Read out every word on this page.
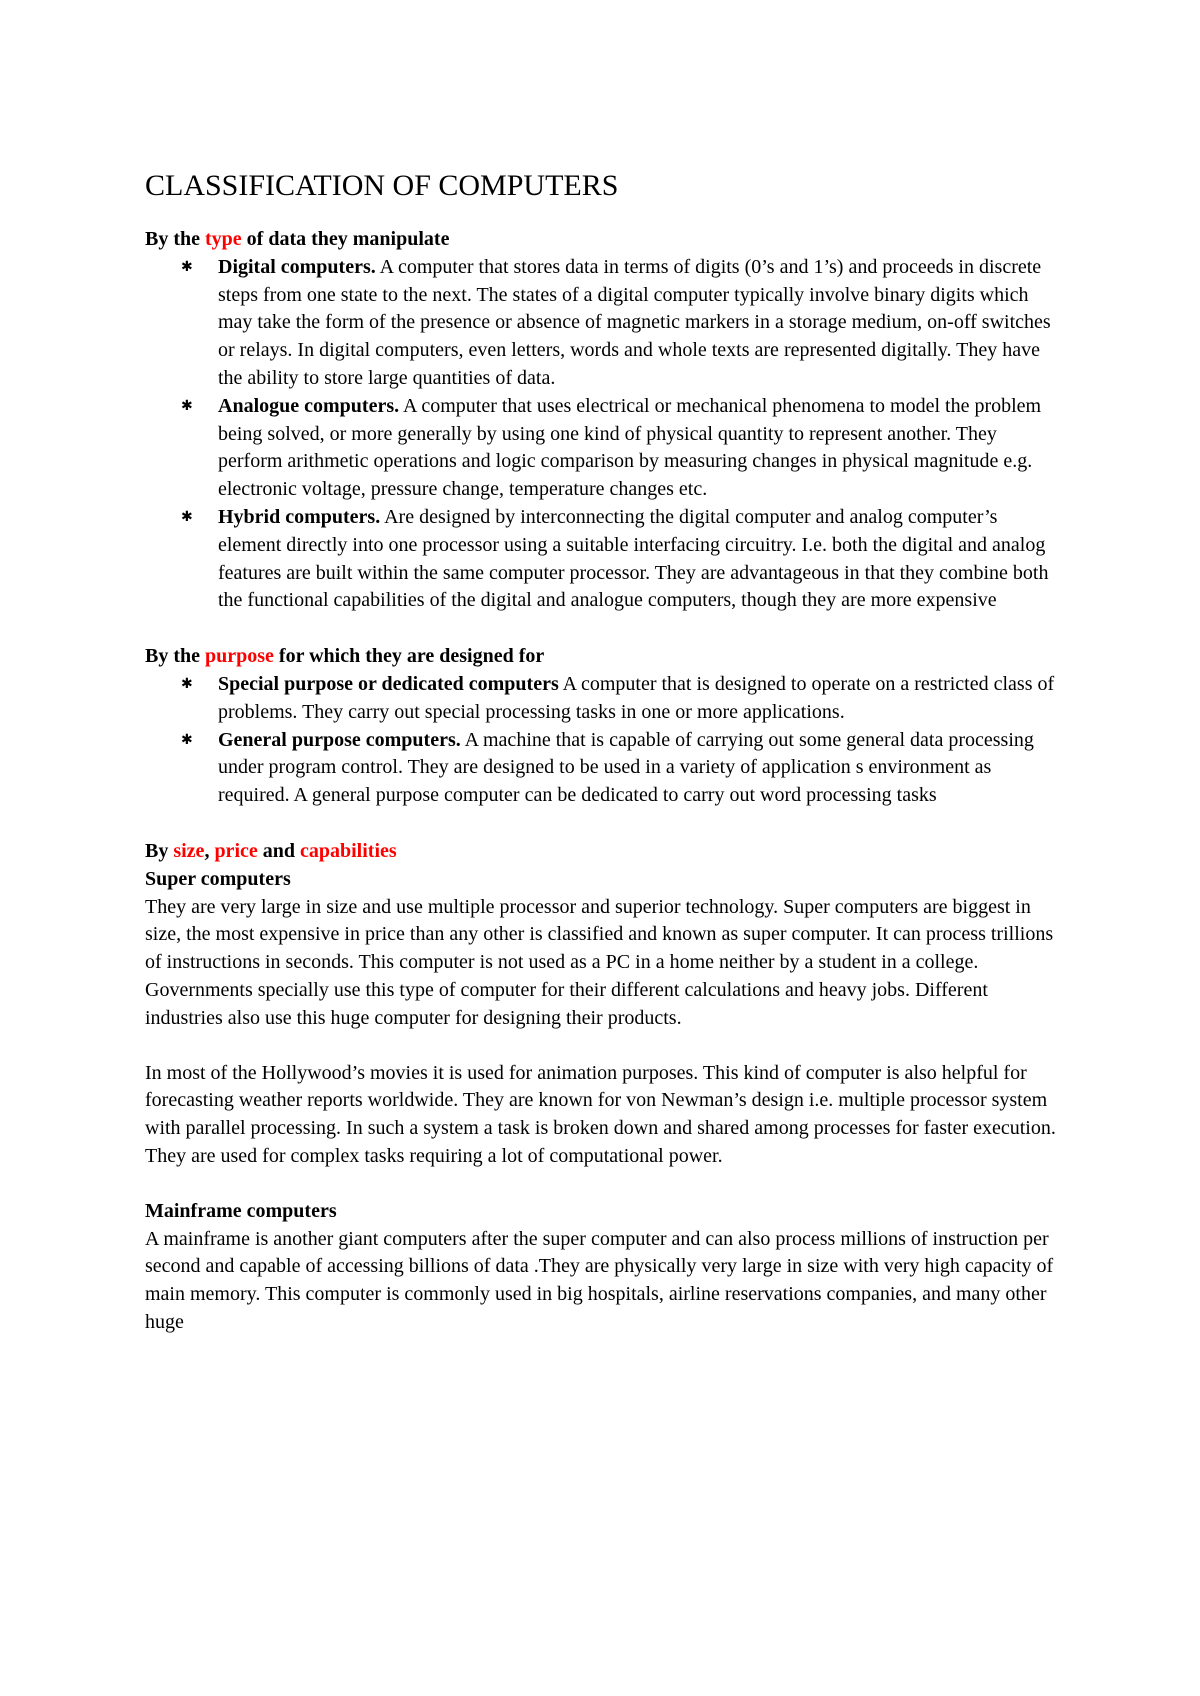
CLASSIFICATION OF COMPUTERS

By the type of data they manipulate

✱ Digital computers. A computer that stores data in terms of digits (0’s and 1’s) and proceeds in discrete steps from one state to the next. The states of a digital computer typically involve binary digits which may take the form of the presence or absence of magnetic markers in a storage medium, on-off switches or relays. In digital computers, even letters, words and whole texts are represented digitally. They have the ability to store large quantities of data.
✱ Analogue computers. A computer that uses electrical or mechanical phenomena to model the problem being solved, or more generally by using one kind of physical quantity to represent another. They perform arithmetic operations and logic comparison by measuring changes in physical magnitude e.g. electronic voltage, pressure change, temperature changes etc.
✱ Hybrid computers. Are designed by interconnecting the digital computer and analog computer’s element directly into one processor using a suitable interfacing circuitry. I.e. both the digital and analog features are built within the same computer processor. They are advantageous in that they combine both the functional capabilities of the digital and analogue computers, though they are more expensive

By the purpose for which they are designed for

✱ Special purpose or dedicated computers A computer that is designed to operate on a restricted class of problems. They carry out special processing tasks in one or more applications.
✱ General purpose computers. A machine that is capable of carrying out some general data processing under program control. They are designed to be used in a variety of application s environment as required. A general purpose computer can be dedicated to carry out word processing tasks

By size, price and capabilities

Super computers

They are very large in size and use multiple processor and superior technology. Super computers are biggest in size, the most expensive in price than any other is classified and known as super computer. It can process trillions of instructions in seconds. This computer is not used as a PC in a home neither by a student in a college. Governments specially use this type of computer for their different calculations and heavy jobs. Different industries also use this huge computer for designing their products.

In most of the Hollywood’s movies it is used for animation purposes. This kind of computer is also helpful for forecasting weather reports worldwide. They are known for von Newman’s design i.e. multiple processor system with parallel processing. In such a system a task is broken down and shared among processes for faster execution. They are used for complex tasks requiring a lot of computational power.

Mainframe computers

A mainframe is another giant computers after the super computer and can also process millions of instruction per second and capable of accessing billions of data .They are physically very large in size with very high capacity of main memory. This computer is commonly used in big hospitals, airline reservations companies, and many other huge
